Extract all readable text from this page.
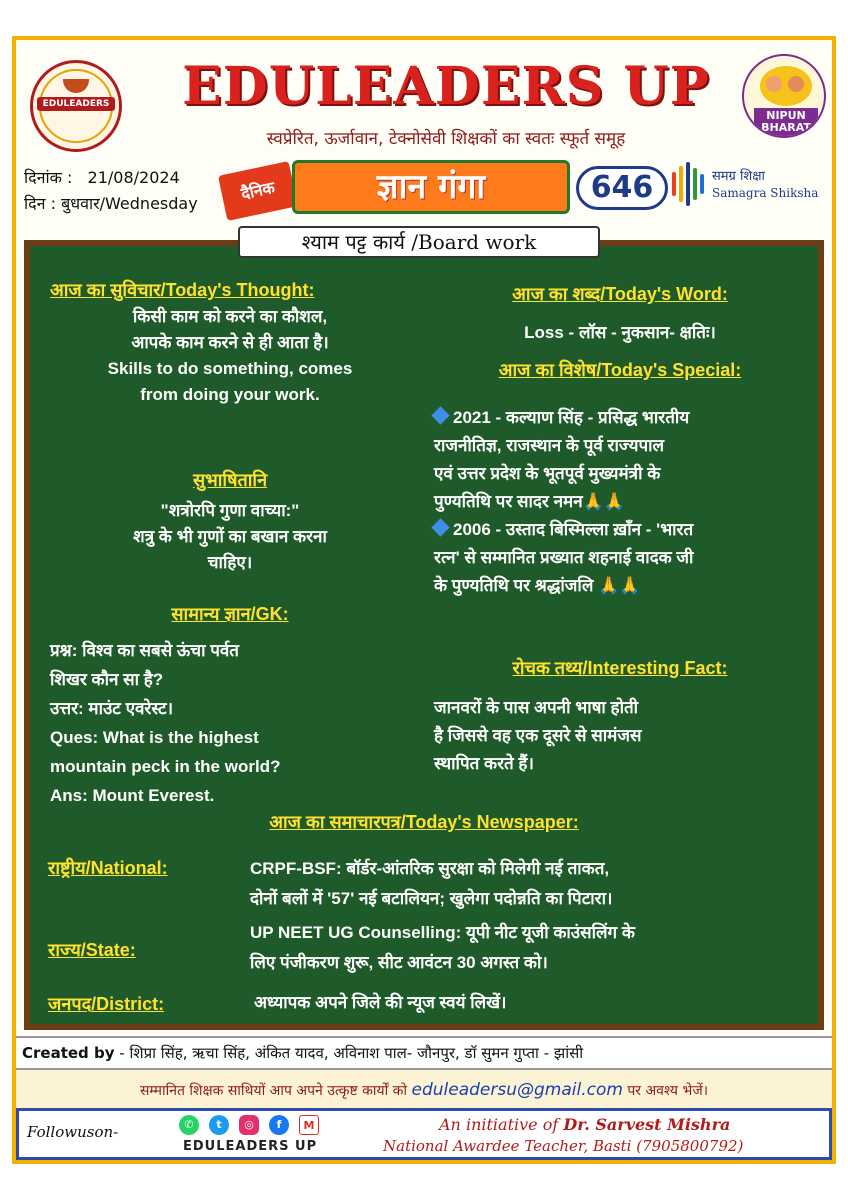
EDULEADERS	EDULEADERS UP
स्वप्रेरित, ऊर्जावान, टेक्नोसेवी शिक्षकों का स्वतः स्फूर्त समूह
NIPUN BHARAT
दिनांक : 21/08/2024
दिन : बुधवार/Wednesday
दैनिक	ज्ञान गंगा	646	समग्र शिक्षा
Samagra Shiksha
आज का सुविचार/Today's Thought:
किसी काम को करने का कौशल,
आपके काम करने से ही आता है।
Skills to do something, comes
from doing your work.
सुभाषितानि
"शत्रोरपि गुणा वाच्या:"
शत्रु के भी गुणों का बखान करना
चाहिए।
सामान्य ज्ञान/GK:
प्रश्न: विश्व का सबसे ऊंचा पर्वत
शिखर कौन सा है?
उत्तर: माउंट एवरेस्ट।
Ques: What is the highest
mountain peck in the world?
Ans: Mount Everest.
आज का शब्द/Today's Word:
Loss - लॉस - नुकसान- क्षतिः।
आज का विशेष/Today's Special:
2021 - कल्याण सिंह - प्रसिद्ध भारतीय
राजनीतिज्ञ, राजस्थान के पूर्व राज्यपाल
एवं उत्तर प्रदेश के भूतपूर्व मुख्यमंत्री के
पुण्यतिथि पर सादर नमन🙏🙏
2006 - उस्ताद बिस्मिल्ला ख़ाँन - 'भारत
रत्न' से सम्मानित प्रख्यात शहनाई वादक जी
के पुण्यतिथि पर श्रद्धांजलि 🙏🙏
रोचक तथ्य/Interesting Fact:
जानवरों के पास अपनी भाषा होती
है जिससे वह एक दूसरे से सामंजस
स्थापित करते हैं।
आज का समाचारपत्र/Today's Newspaper:
राष्ट्रीय/National:	CRPF-BSF: बॉर्डर-आंतरिक सुरक्षा को मिलेगी नई ताकत,
दोनों बलों में '57' नई बटालियन; खुलेगा पदोन्नति का पिटारा।
राज्य/State:
UP NEET UG Counselling: यूपी नीट यूजी काउंसलिंग के
लिए पंजीकरण शुरू, सीट आवंटन 30 अगस्त को।
जनपद/District:	अध्यापक अपने जिले की न्यूज स्वयं लिखें।
श्याम पट्ट कार्य /Board work
Created by - शिप्रा सिंह, ऋचा सिंह, अंकित यादव, अविनाश पाल- जौनपुर, डॉ सुमन गुप्ता - झांसी
सम्मानित शिक्षक साथियों आप अपने उत्कृष्ट कार्यों को eduleadersu@gmail.com पर अवश्य भेजें।
Followuson-	✆	t	◎	f	M
EDULEADERS UP
An initiative of Dr. Sarvest Mishra
National Awardee Teacher, Basti (7905800792)
